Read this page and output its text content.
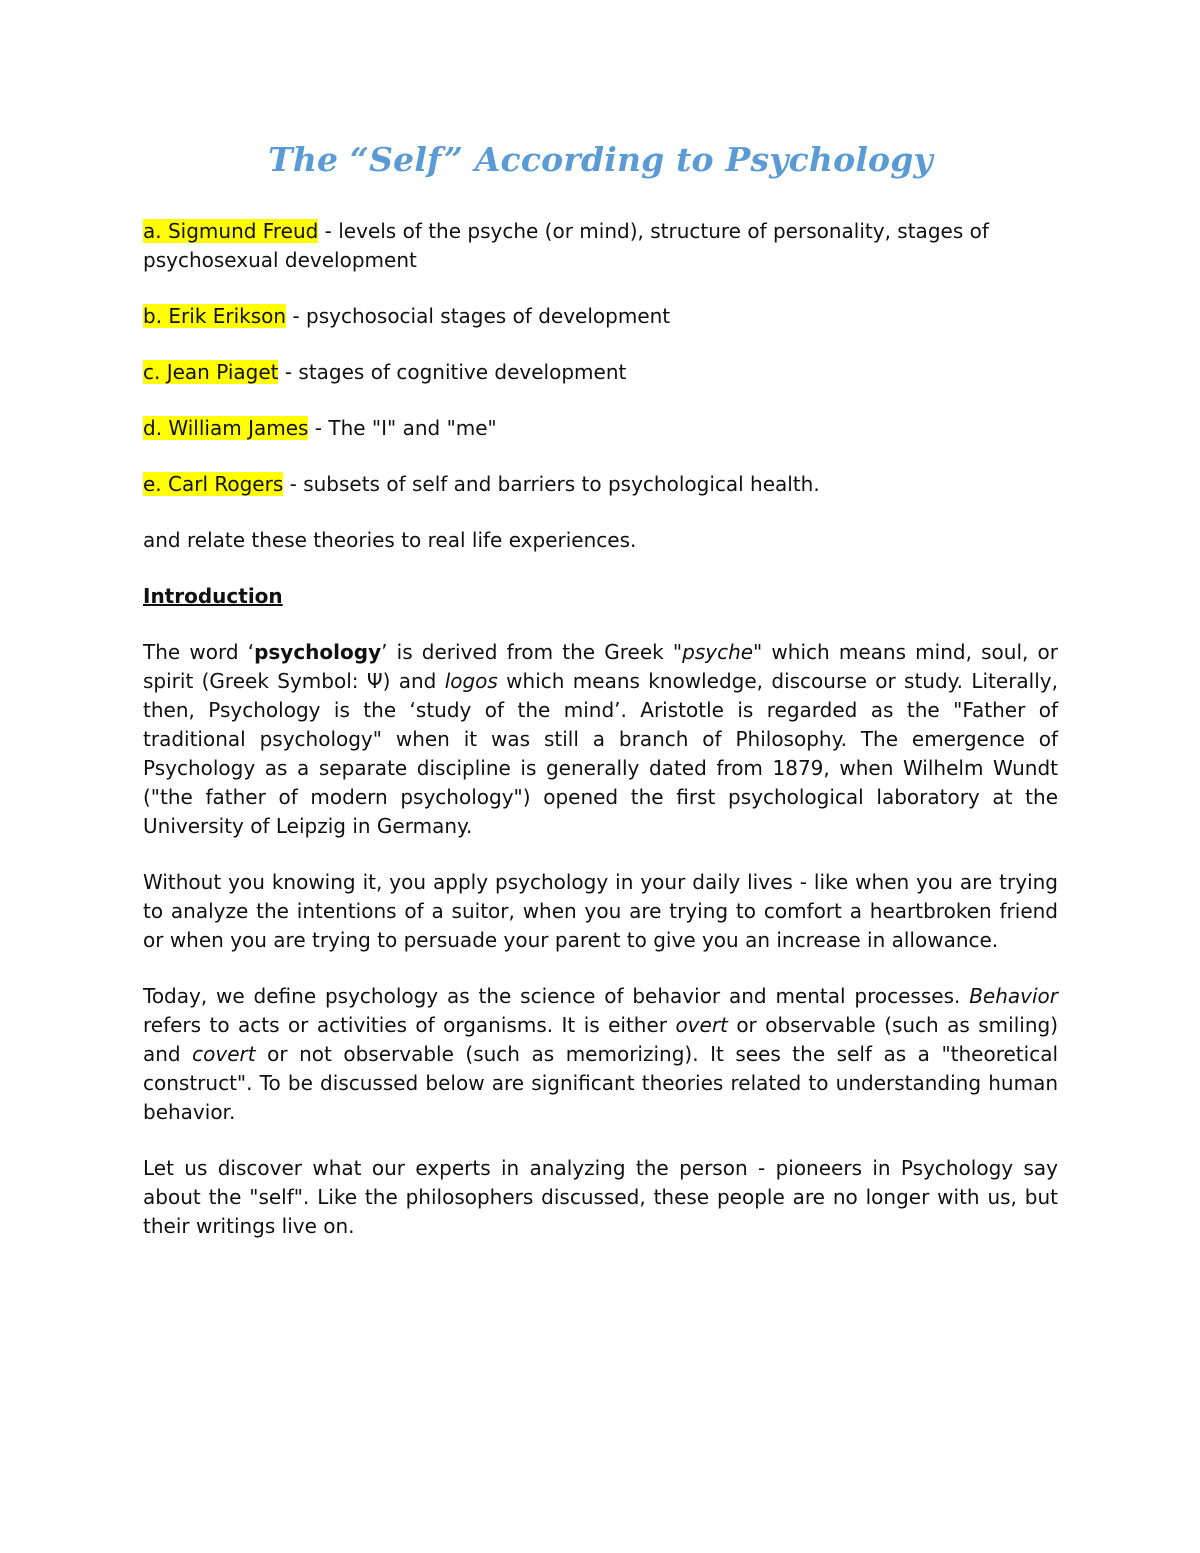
The “Self” According to Psychology

a. Sigmund Freud - levels of the psyche (or mind), structure of personality, stages of psychosexual development

b. Erik Erikson - psychosocial stages of development

c. Jean Piaget - stages of cognitive development

d. William James - The "I" and "me"

e. Carl Rogers - subsets of self and barriers to psychological health.

and relate these theories to real life experiences.

Introduction

The word ‘psychology’ is derived from the Greek "psyche" which means mind, soul, or spirit (Greek Symbol: Ψ) and logos which means knowledge, discourse or study. Literally, then, Psychology is the ‘study of the mind’. Aristotle is regarded as the "Father of traditional psychology" when it was still a branch of Philosophy. The emergence of Psychology as a separate discipline is generally dated from 1879, when Wilhelm Wundt ("the father of modern psychology") opened the first psychological laboratory at the University of Leipzig in Germany.

Without you knowing it, you apply psychology in your daily lives - like when you are trying to analyze the intentions of a suitor, when you are trying to comfort a heartbroken friend or when you are trying to persuade your parent to give you an increase in allowance.

Today, we define psychology as the science of behavior and mental processes. Behavior refers to acts or activities of organisms. It is either overt or observable (such as smiling) and covert or not observable (such as memorizing). It sees the self as a "theoretical construct". To be discussed below are significant theories related to understanding human behavior.

Let us discover what our experts in analyzing the person - pioneers in Psychology say about the "self". Like the philosophers discussed, these people are no longer with us, but their writings live on.
